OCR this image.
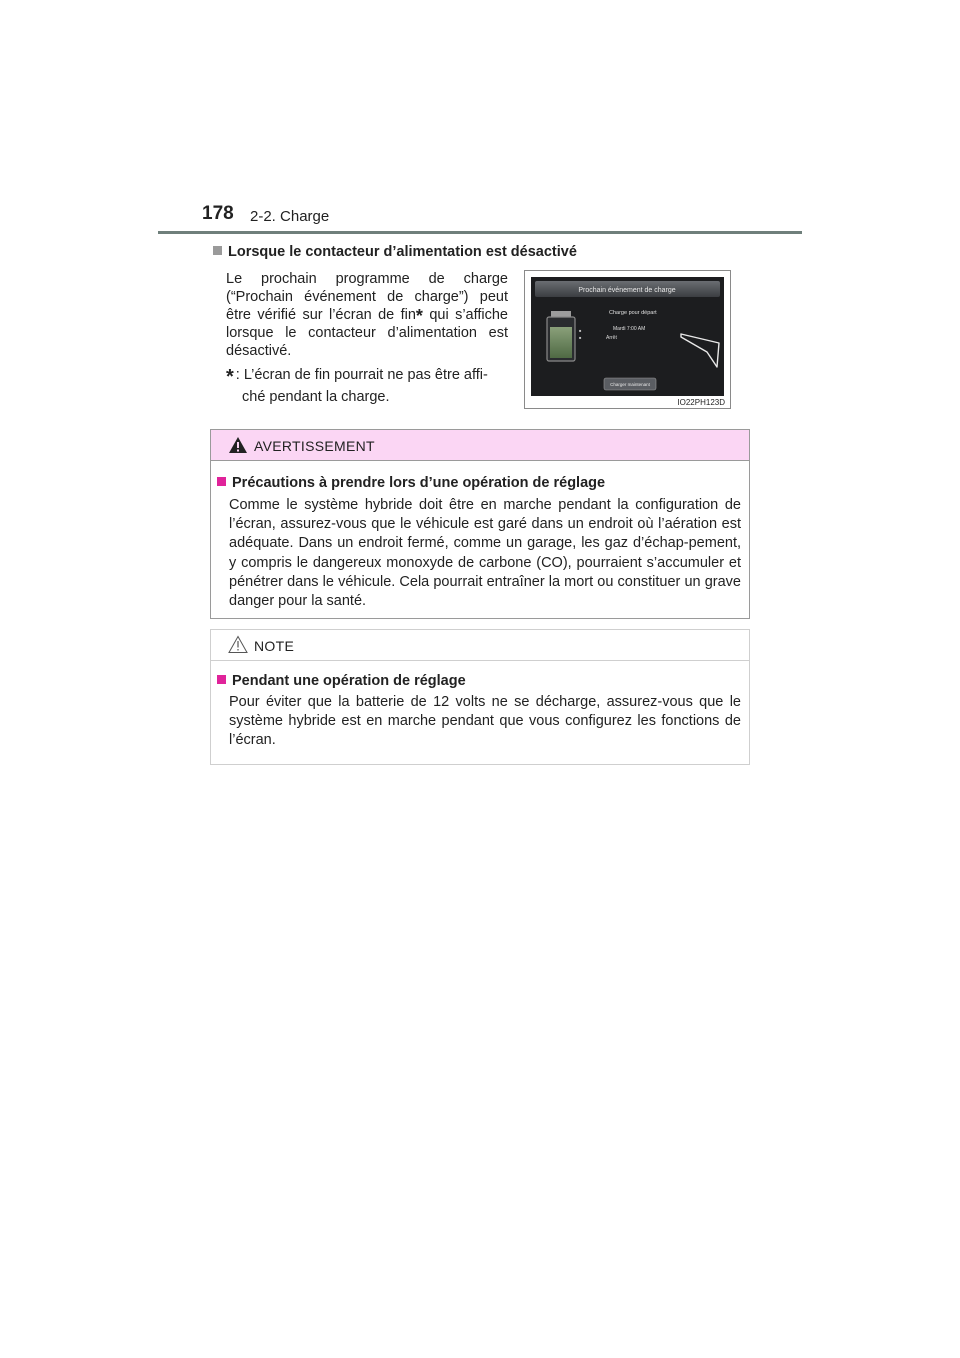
178 2-2. Charge
Lorsque le contacteur d’alimentation est désactivé
Le prochain programme de charge (“Prochain événement de charge”) peut être vérifié sur l’écran de fin* qui s’affiche lorsque le contacteur d’alimentation est désactivé.
* : L’écran de fin pourrait ne pas être affi-
ché pendant la charge.
Prochain événement de charge
■
■	Arrêt
Charge pour départ
Mardi 7:00 AM
Charger maintenant
IO22PH123D
AVERTISSEMENT
Précautions à prendre lors d’une opération de réglage
Comme le système hybride doit être en marche pendant la configuration de l’écran, assurez-vous que le véhicule est garé dans un endroit où l’aération est adéquate. Dans un endroit fermé, comme un garage, les gaz d’échap-pement, y compris le dangereux monoxyde de carbone (CO), pourraient s’accumuler et pénétrer dans le véhicule. Cela pourrait entraîner la mort ou constituer un grave danger pour la santé.
NOTE
Pendant une opération de réglage
Pour éviter que la batterie de 12 volts ne se décharge, assurez-vous que le système hybride est en marche pendant que vous configurez les fonctions de l’écran.
